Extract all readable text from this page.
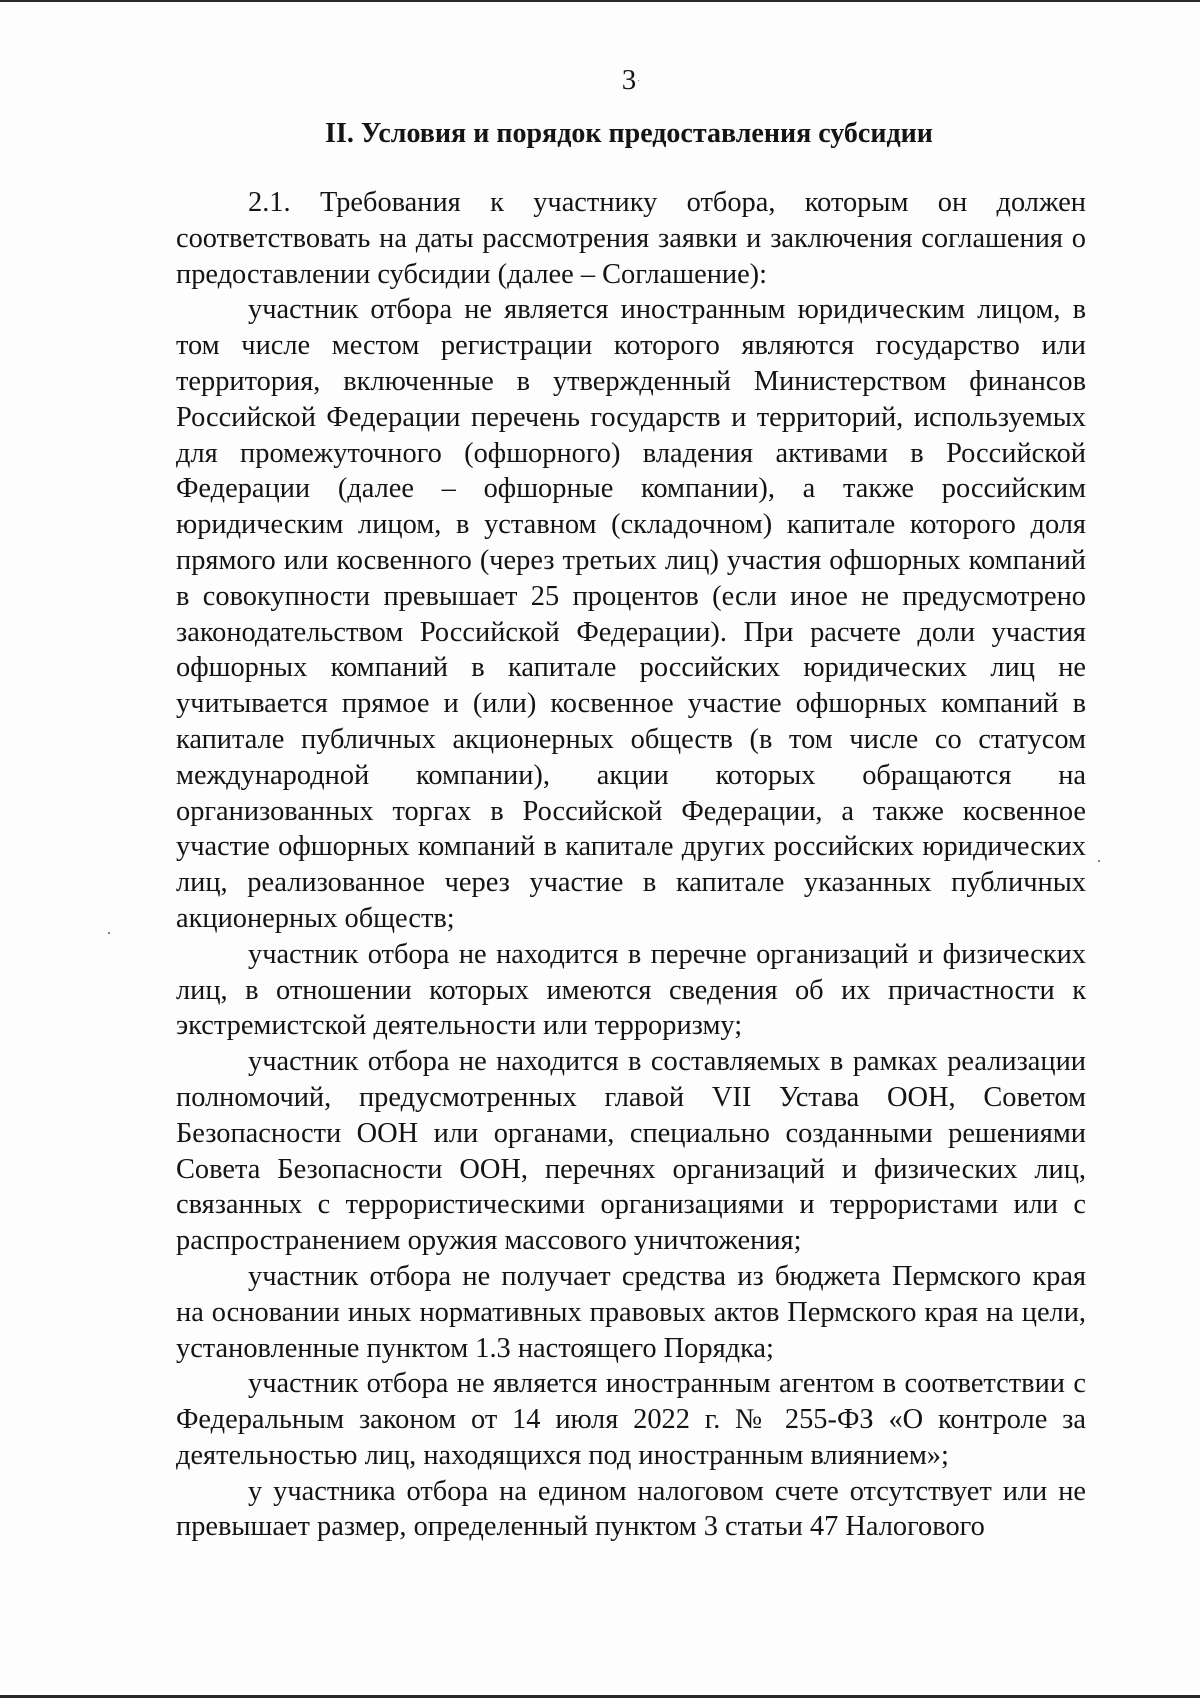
3
II. Условия и порядок предоставления субсидии

2.1. Требования к участнику отбора, которым он должен соответствовать на даты рассмотрения заявки и заключения соглашения о предоставлении субсидии (далее – Соглашение):

участник отбора не является иностранным юридическим лицом, в том числе местом регистрации которого являются государство или территория, включенные в утвержденный Министерством финансов Российской Федерации перечень государств и территорий, используемых для промежуточного (офшорного) владения активами в Российской Федерации (далее – офшорные компании), а также российским юридическим лицом, в уставном (складочном) капитале которого доля прямого или косвенного (через третьих лиц) участия офшорных компаний в совокупности превышает 25 процентов (если иное не предусмотрено законодательством Российской Федерации). При расчете доли участия офшорных компаний в капитале российских юридических лиц не учитывается прямое и (или) косвенное участие офшорных компаний в капитале публичных акционерных обществ (в том числе со статусом международной компании), акции которых обращаются на организованных торгах в Российской Федерации, а также косвенное участие офшорных компаний в капитале других российских юридических лиц, реализованное через участие в капитале указанных публичных акционерных обществ;

участник отбора не находится в перечне организаций и физических лиц, в отношении которых имеются сведения об их причастности к экстремистской деятельности или терроризму;

участник отбора не находится в составляемых в рамках реализации полномочий, предусмотренных главой VII Устава ООН, Советом Безопасности ООН или органами, специально созданными решениями Совета Безопасности ООН, перечнях организаций и физических лиц, связанных с террористическими организациями и террористами или с распространением оружия массового уничтожения;

участник отбора не получает средства из бюджета Пермского края на основании иных нормативных правовых актов Пермского края на цели, установленные пунктом 1.3 настоящего Порядка;

участник отбора не является иностранным агентом в соответствии с Федеральным законом от 14 июля 2022 г. № 255-ФЗ «О контроле за деятельностью лиц, находящихся под иностранным влиянием»;

у участника отбора на едином налоговом счете отсутствует или не превышает размер, определенный пунктом 3 статьи 47 Налогового
